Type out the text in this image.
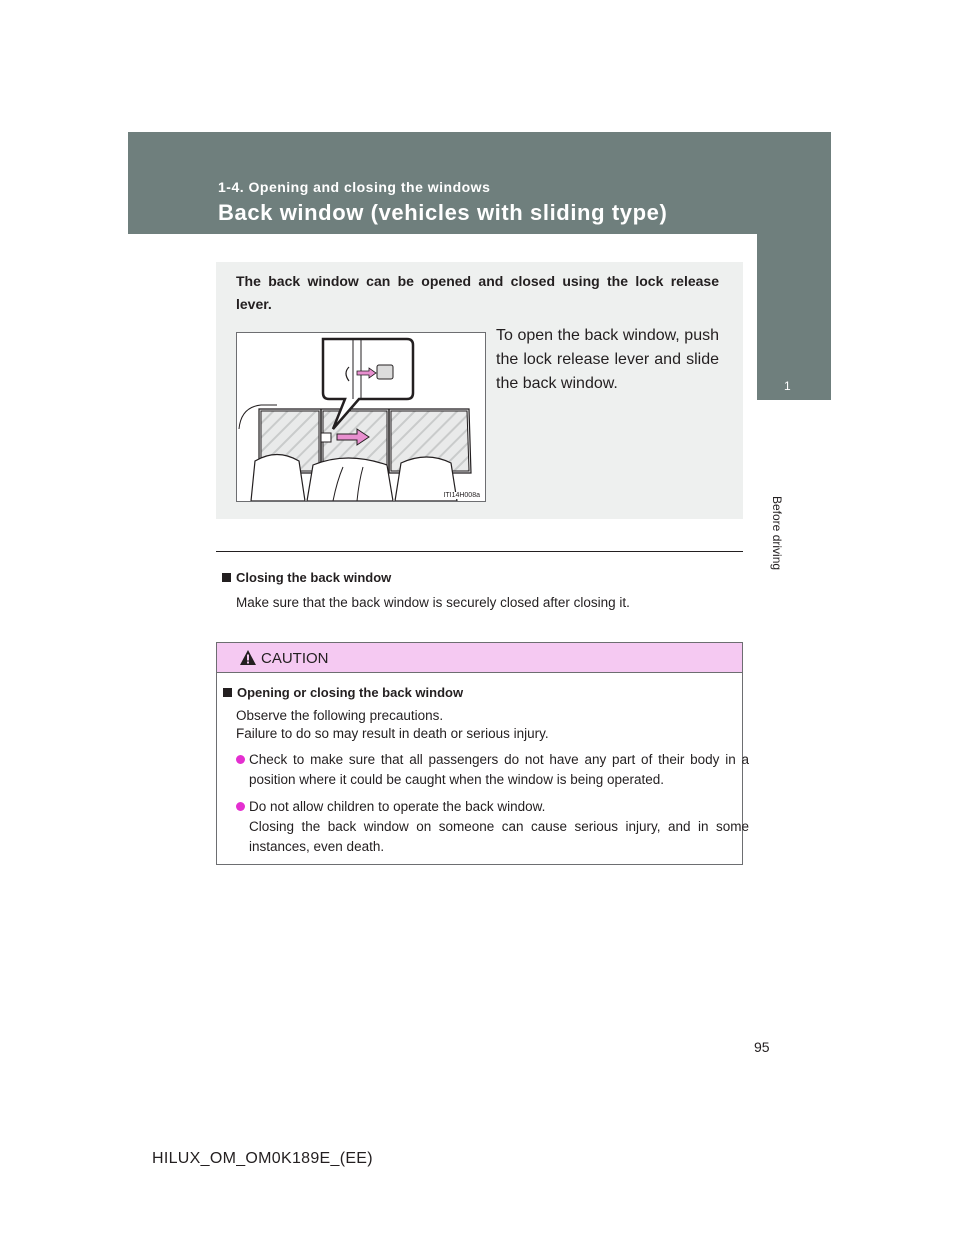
1-4. Opening and closing the windows
Back window (vehicles with sliding type)
1
Before driving
The back window can be opened and closed using the lock release lever.
ITI14H008a
To open the back window, push the lock release lever and slide the back window.
Closing the back window
Make sure that the back window is securely closed after closing it.
CAUTION
Opening or closing the back window
Observe the following precautions.
Failure to do so may result in death or serious injury.
Check to make sure that all passengers do not have any part of their body in a position where it could be caught when the window is being operated.
Do not allow children to operate the back window.
Closing the back window on someone can cause serious injury, and in some instances, even death.
95
HILUX_OM_OM0K189E_(EE)
